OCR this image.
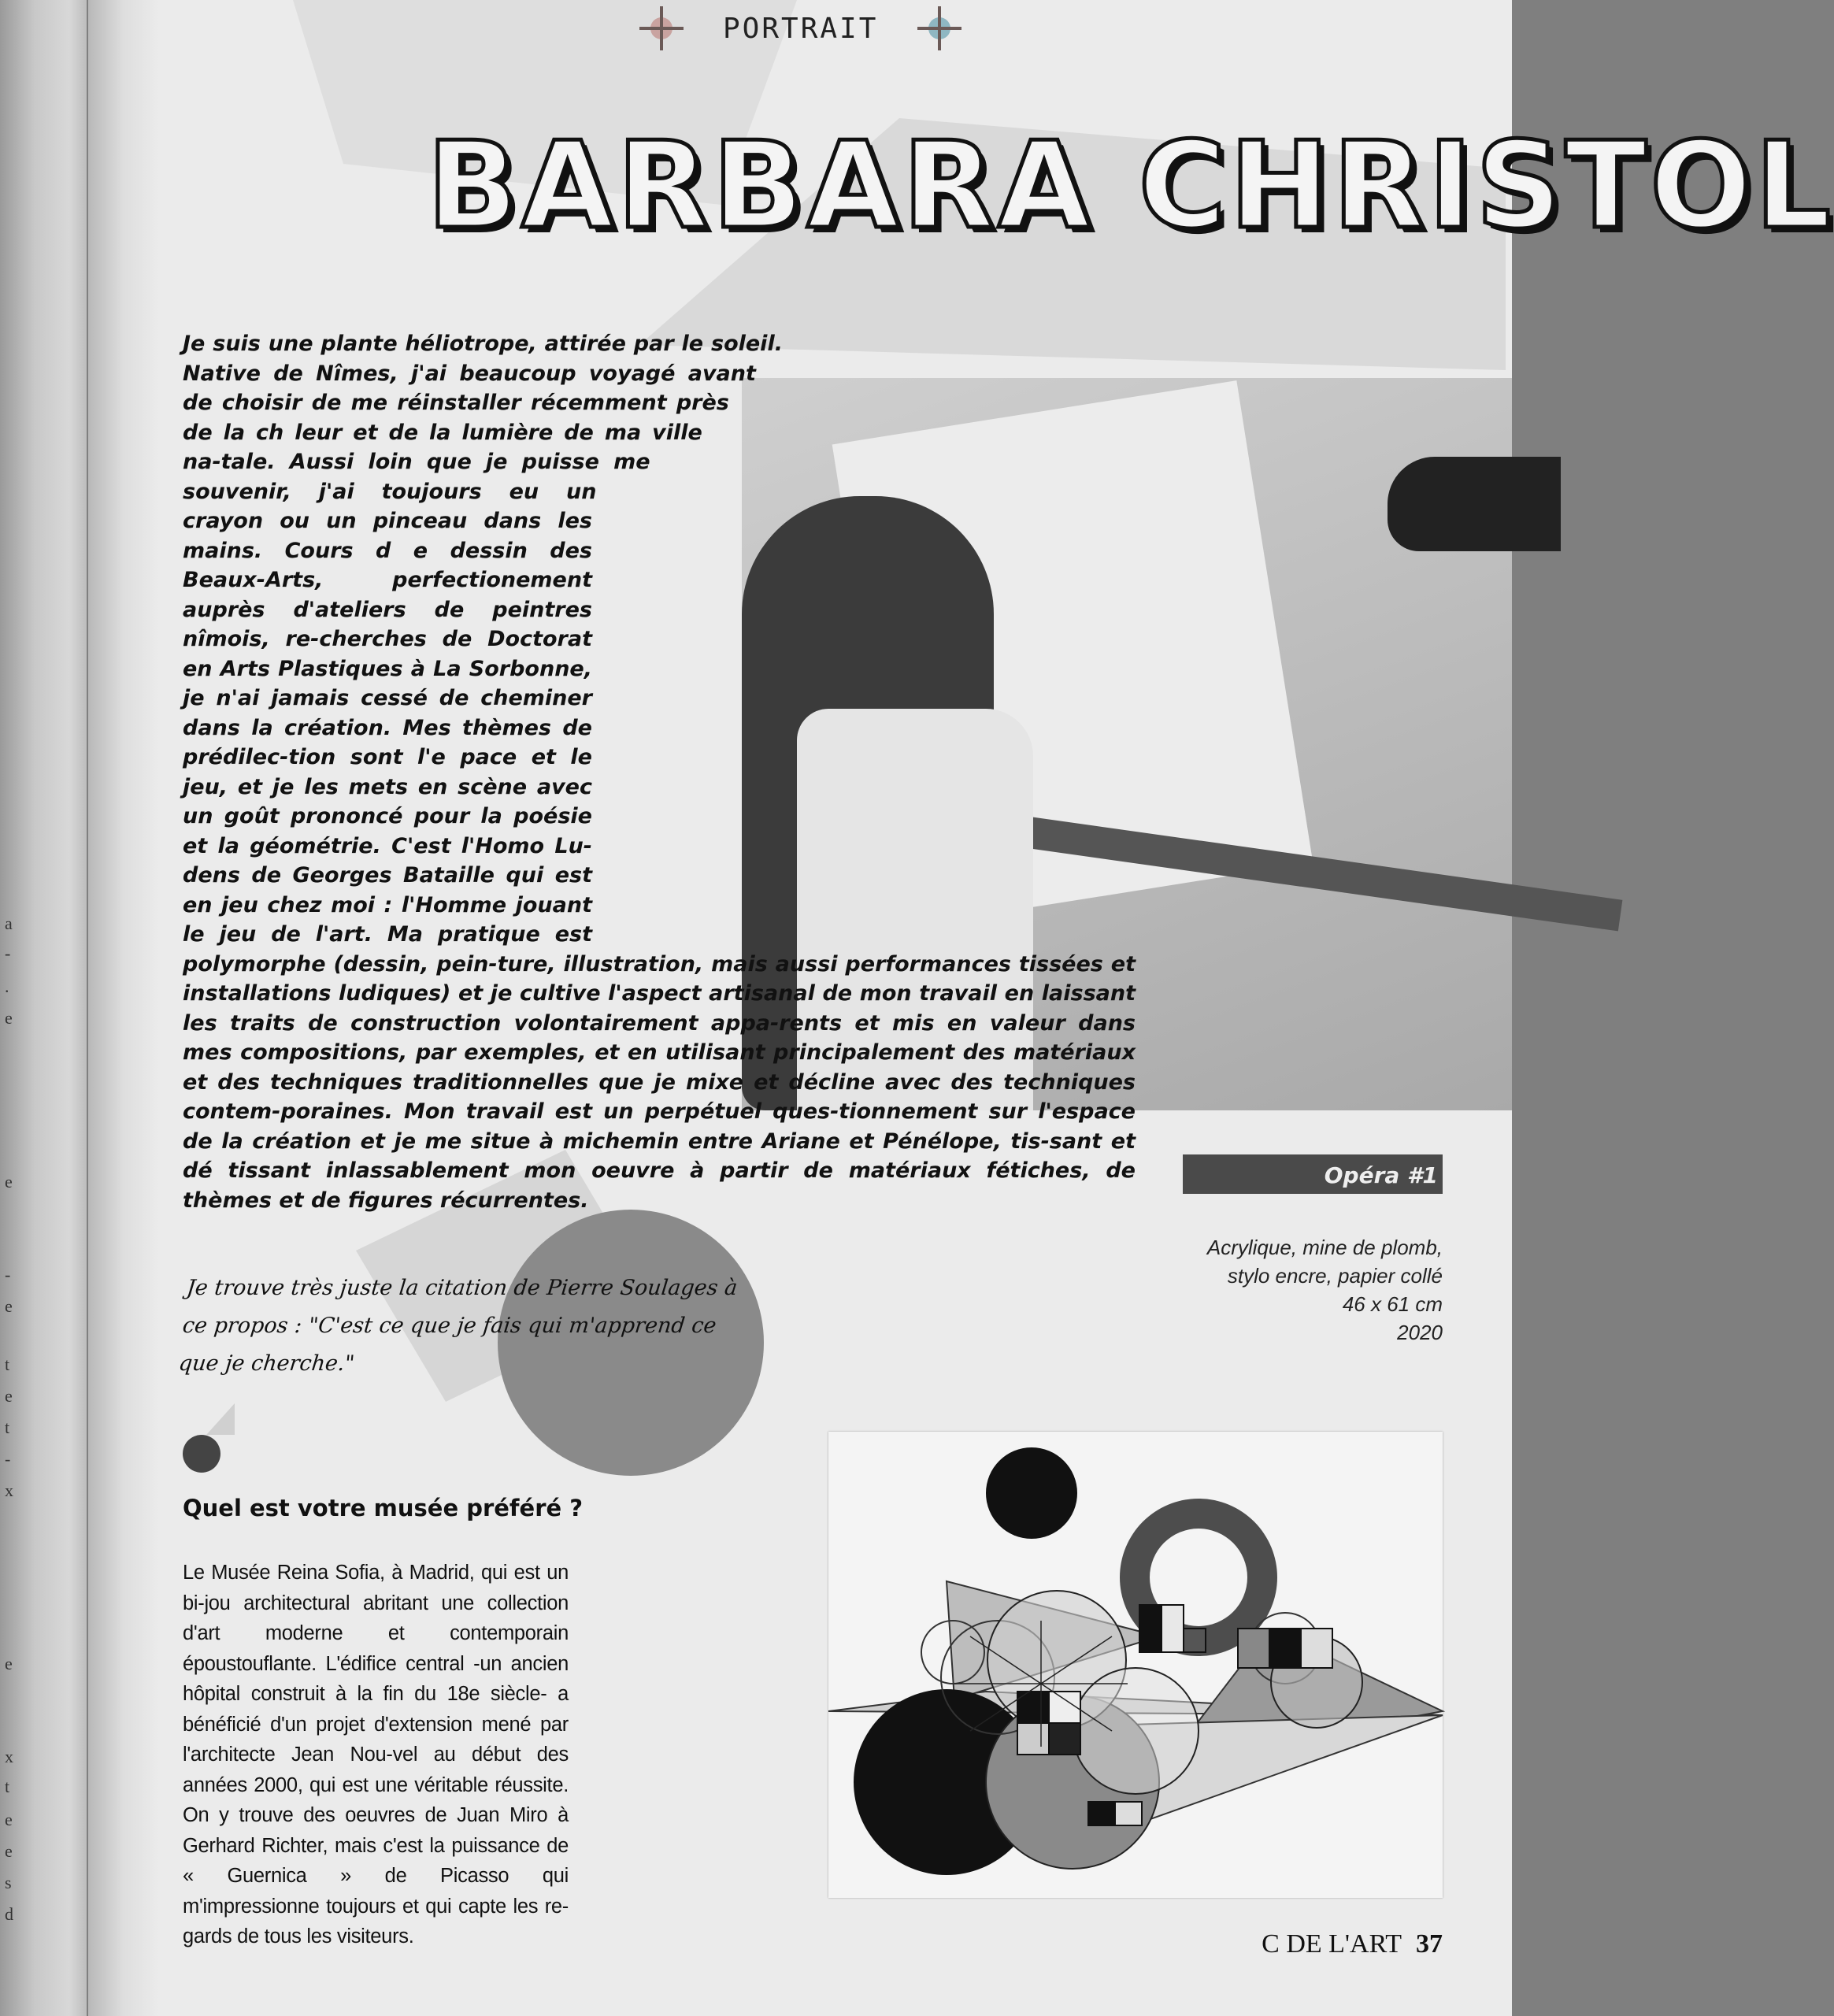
a
-
.
e
e
-
e
t
e
t
-
x
e
x
t
e
e
s
d
PORTRAIT
BARBARA CHRISTOL
Je suis une plante héliotrope, attirée par le soleil. Native de Nîmes, j'ai beaucoup voyagé avant de choisir de me réinstaller récemment près de la ch leur et de la lumière de ma ville na-tale. Aussi loin que je puisse me souvenir, j'ai toujours eu un crayon ou un pinceau dans les mains. Cours d e dessin des Beaux-Arts, perfectionement auprès d'ateliers de peintres nîmois, re-cherches de Doctorat en Arts Plastiques à La Sorbonne, je n'ai jamais cessé de cheminer dans la création. Mes thèmes de prédilec-tion sont l'e pace et le jeu, et je les mets en scène avec un goût prononcé pour la poésie et la géométrie. C'est l'Homo Lu-dens de Georges Bataille qui est en jeu chez moi : l'Homme jouant le jeu de l'art. Ma pratique est polymorphe (dessin, pein-ture, illustration, mais aussi performances tissées et installations ludiques) et je cultive l'aspect artisanal de mon travail en laissant les traits de construction volontairement appa-rents et mis en valeur dans mes compositions, par exemples, et en utilisant principalement des matériaux et des techniques traditionnelles que je mixe et décline avec des techniques contem-poraines. Mon travail est un perpétuel ques-tionnement sur l'espace de la création et je me situe à michemin entre Ariane et Pénélope, tis-sant et dé tissant inlassablement mon oeuvre à partir de matériaux fétiches, de thèmes et de figures récurrentes.
Opéra #1
Acrylique, mine de plomb,
stylo encre, papier collé
46 x 61 cm
2020
Je trouve très juste la citation de Pierre Soulages à ce propos : "C'est ce que je fais qui m'apprend ce que je cherche."
Quel est votre musée préféré ?
Le Musée Reina Sofia, à Madrid, qui est un bi-jou architectural abritant une collection d'art moderne et contemporain époustouflante. L'édifice central -un ancien hôpital construit à la fin du 18e siècle- a bénéficié d'un projet d'extension mené par l'architecte Jean Nou-vel au début des années 2000, qui est une véritable réussite. On y trouve des oeuvres de Juan Miro à Gerhard Richter, mais c'est la puissance de « Guernica » de Picasso qui m'impressionne toujours et qui capte les re-gards de tous les visiteurs.	C DE L'ART 37
